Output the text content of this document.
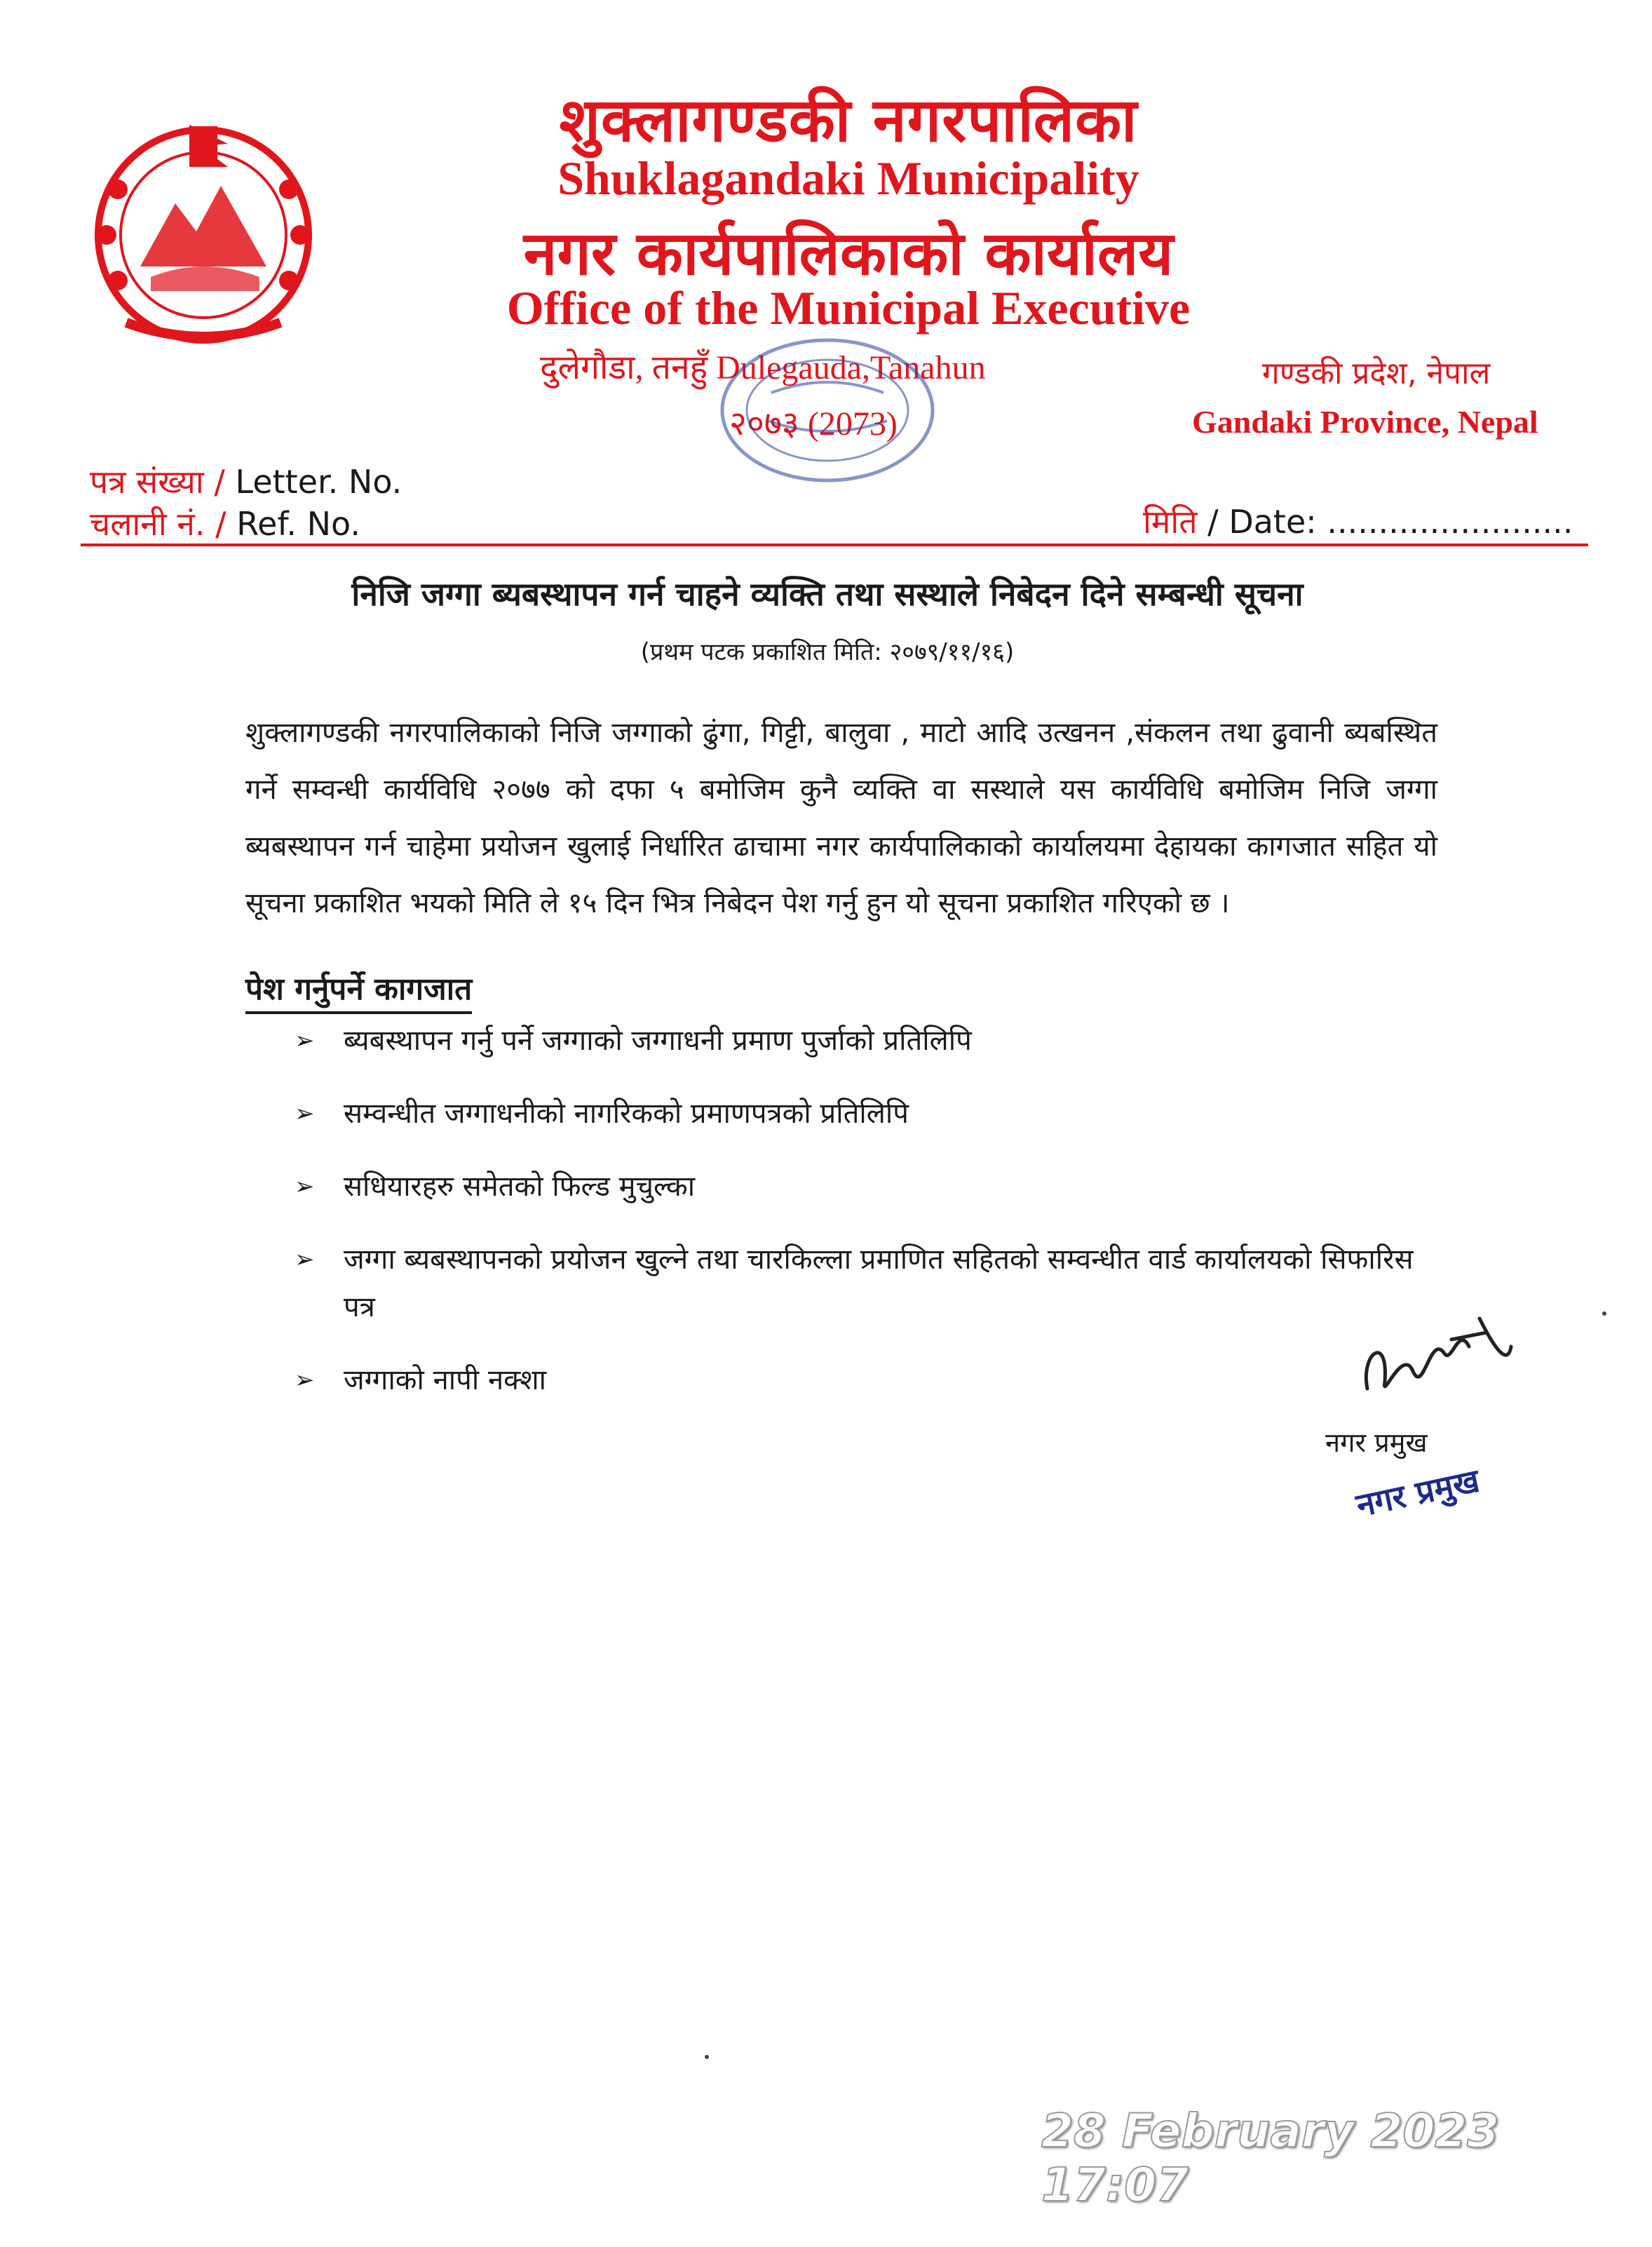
शुक्लागण्डकी नगरपालिका
Shuklagandaki Municipality
नगर कार्यपालिकाको कार्यालय
Office of the Municipal Executive
दुलेगौडा, तनहुँ Dulegauda,Tanahun
२०७३ (2073)
गण्डकी प्रदेश, नेपाल
Gandaki Province, Nepal
पत्र संख्या / Letter. No.
चलानी नं. / Ref. No.	मिति / Date: ........................
निजि जग्गा ब्यबस्थापन गर्न चाहने व्यक्ति तथा सस्थाले निबेदन दिने सम्बन्धी सूचना
(प्रथम पटक प्रकाशित मिति: २०७९/११/१६)
शुक्लागण्डकी नगरपालिकाको निजि जग्गाको ढुंगा, गिट्टी, बालुवा , माटो आदि उत्खनन ,संकलन तथा ढुवानी ब्यबस्थित गर्ने सम्वन्धी कार्यविधि २०७७ को दफा ५ बमोजिम कुनै व्यक्ति वा सस्थाले यस कार्यविधि बमोजिम निजि जग्गा ब्यबस्थापन गर्न चाहेमा प्रयोजन खुलाई निर्धारित ढाचामा नगर कार्यपालिकाको कार्यालयमा देहायका कागजात सहित यो सूचना प्रकाशित भयको मिति ले १५ दिन भित्र निबेदन पेश गर्नु हुन यो सूचना प्रकाशित गरिएको छ ।
पेश गर्नुपर्ने कागजात
➢ ब्यबस्थापन गर्नु पर्ने जग्गाको जग्गाधनी प्रमाण पुर्जाको प्रतिलिपि
➢ सम्वन्धीत जग्गाधनीको नागरिकको प्रमाणपत्रको प्रतिलिपि
➢ सधियारहरु समेतको फिल्ड मुचुल्का
➢ जग्गा ब्यबस्थापनको प्रयोजन खुल्ने तथा चारकिल्ला प्रमाणित सहितको सम्वन्धीत वार्ड कार्यालयको सिफारिस पत्र
➢ जग्गाको नापी नक्शा
नगर प्रमुख
नगर प्रमुख
28 February 2023 17:07
